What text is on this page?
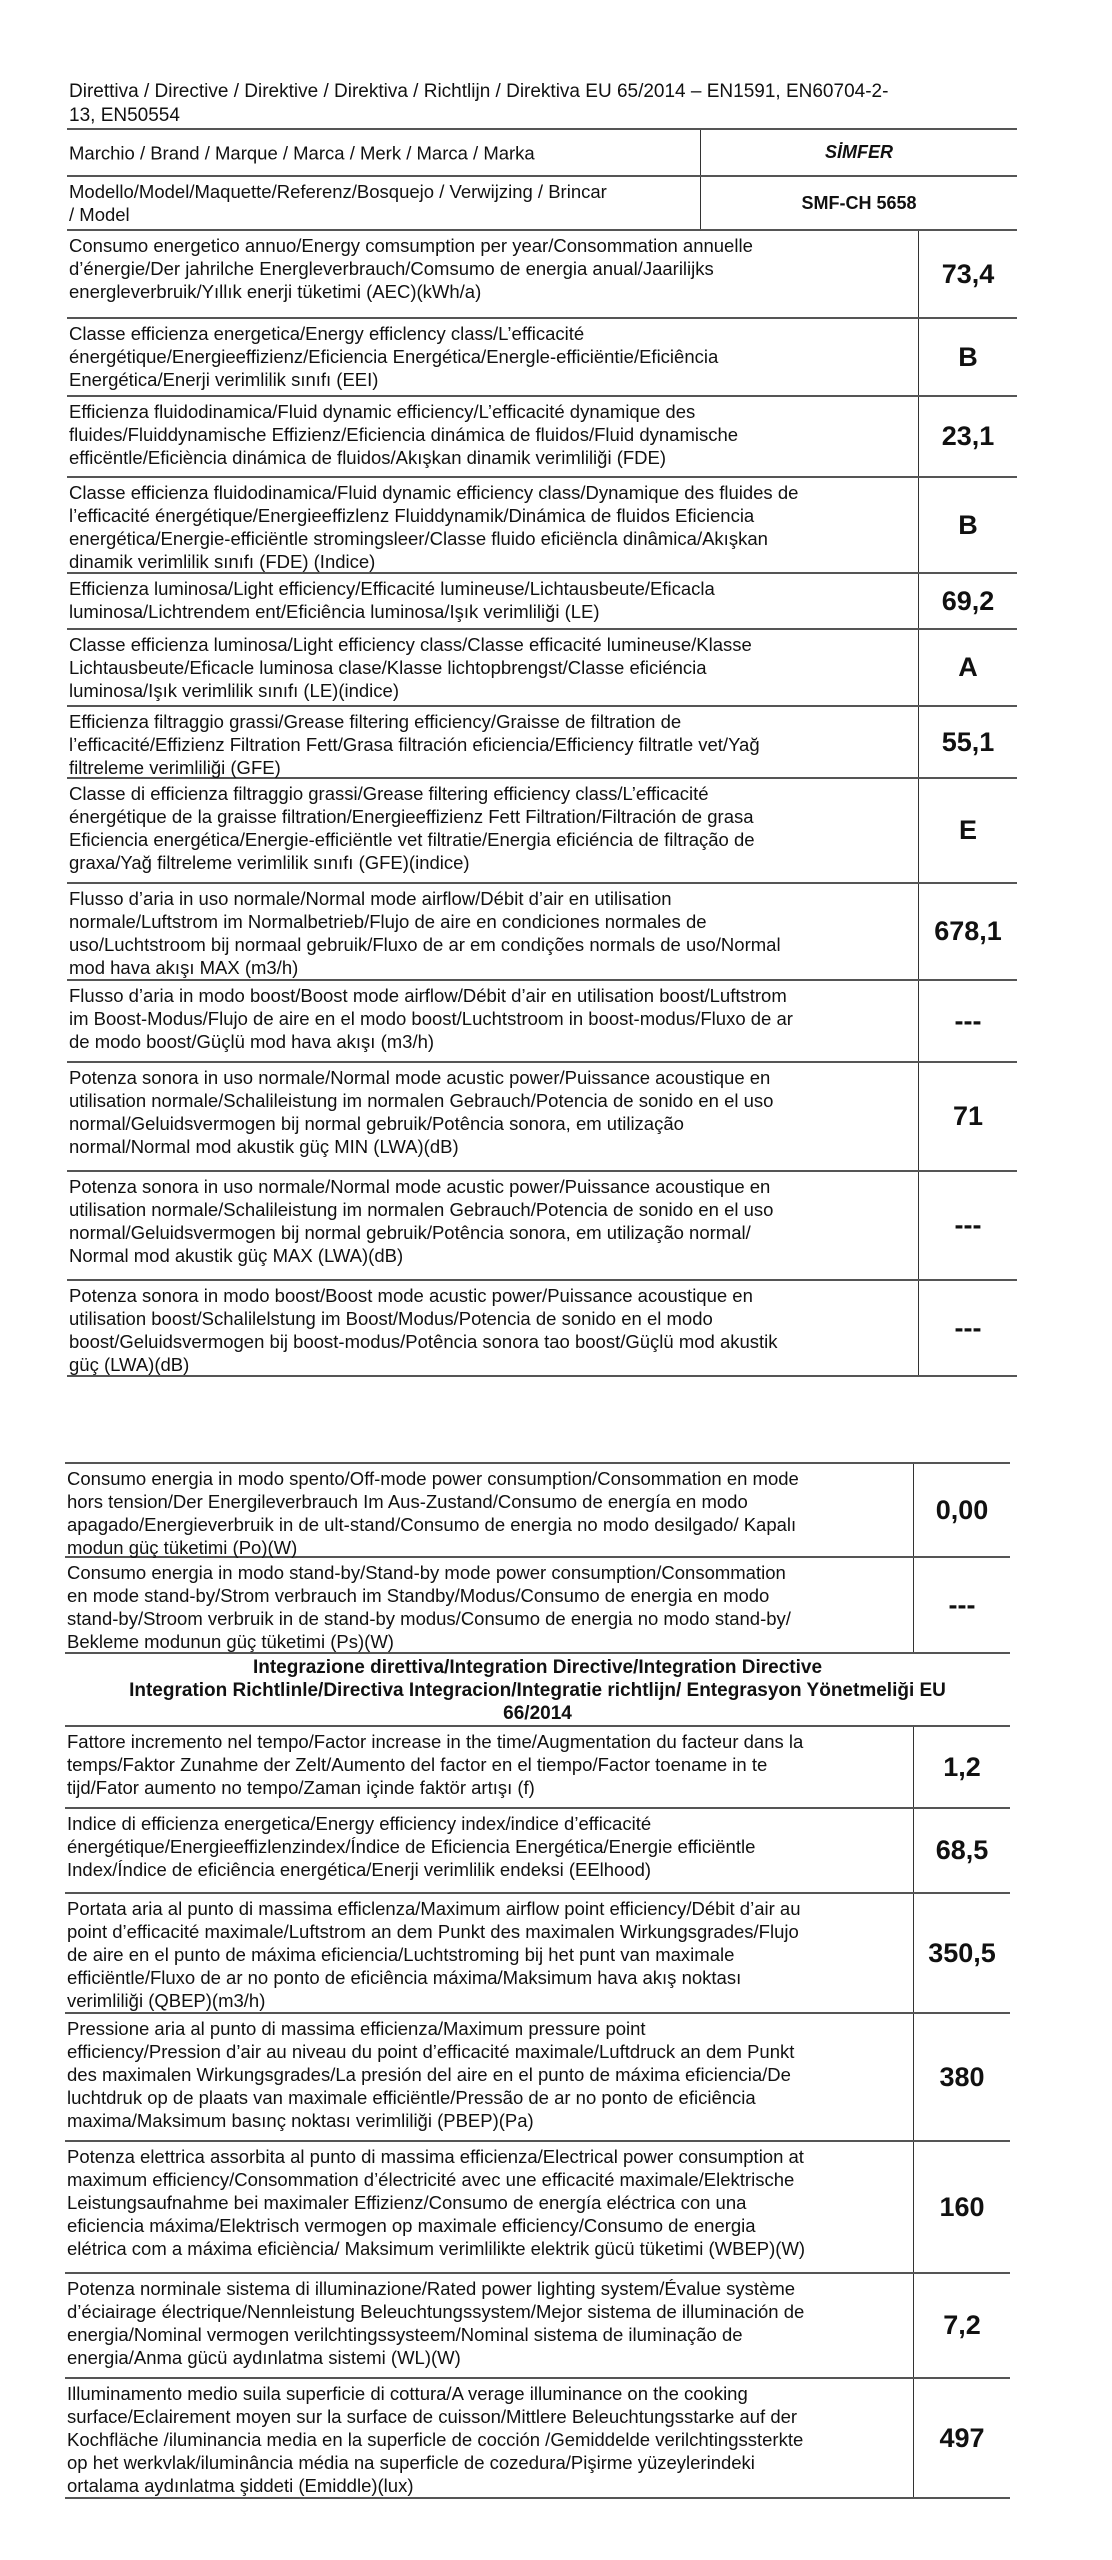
Direttiva / Directive / Direktive / Direktiva / Richtlijn / Direktiva EU 65/2014 – EN1591, EN60704-2-
13, EN50554
Marchio / Brand / Marque / Marca / Merk / Marca / Marka	SİMFER
Modello/Model/Maquette/Referenz/Bosquejo / Verwijzing / Brincar
/ Model
SMF-CH 5658
Consumo energetico annuo/Energy comsumption per year/Consommation annuelle
d’énergie/Der jahrilche Energleverbrauch/Comsumo de energia anual/Jaarilijks
energleverbruik/Yıllık enerji tüketimi (AEC)(kWh/a)
73,4
Classe efficienza energetica/Energy efficlency class/L’efficacité
énergétique/Energieeffizienz/Eficiencia Energética/Energle-efficiëntie/Eficiência
Energética/Enerji verimlilik sınıfı (EEI)
B
Efficienza fluidodinamica/Fluid dynamic efficiency/L’efficacité dynamique des
fluides/Fluiddynamische Effizienz/Eficiencia dinámica de fluidos/Fluid dynamische
efficëntle/Eficiència dinámica de fluidos/Akışkan dinamik verimliliği (FDE)
23,1
Classe efficienza fluidodinamica/Fluid dynamic efficiency class/Dynamique des fluides de
l’efficacité énergétique/Energieeffizlenz Fluiddynamik/Dinámica de fluidos Eficiencia
energética/Energie-efficiëntle stromingsleer/Classe fluido eficiëncla dinâmica/Akışkan
dinamik verimlilik sınıfı (FDE) (Indice)
B
Efficienza luminosa/Light efficiency/Efficacité lumineuse/Lichtausbeute/Eficacla
luminosa/Lichtrendem ent/Eficiência luminosa/Işık verimliliği (LE)	69,2
Classe efficienza luminosa/Light efficiency class/Classe efficacité lumineuse/Klasse
Lichtausbeute/Eficacle luminosa clase/Klasse lichtopbrengst/Classe eficiéncia
luminosa/Işık verimlilik sınıfı (LE)(indice)
A
Efficienza filtraggio grassi/Grease filtering efficiency/Graisse de filtration de
l’efficacité/Effizienz Filtration Fett/Grasa filtración eficiencia/Efficiency filtratle vet/Yağ
filtreleme verimliliği (GFE)
55,1
Classe di efficienza filtraggio grassi/Grease filtering efficiency class/L’efficacité
énergétique de la graisse filtration/Energieeffizienz Fett Filtration/Filtración de grasa
Eficiencia energética/Energie-efficiëntle vet filtratie/Energia eficiéncia de filtração de
graxa/Yağ filtreleme verimlilik sınıfı (GFE)(indice)
E
Flusso d’aria in uso normale/Normal mode airflow/Débit d’air en utilisation
normale/Luftstrom im Normalbetrieb/Flujo de aire en condiciones normales de
uso/Luchtstroom bij normaal gebruik/Fluxo de ar em condições normals de uso/Normal
mod hava akışı MAX (m3/h)
678,1
Flusso d’aria in modo boost/Boost mode airflow/Débit d’air en utilisation boost/Luftstrom
im Boost-Modus/Flujo de aire en el modo boost/Luchtstroom in boost-modus/Fluxo de ar
de modo boost/Güçlü mod hava akışı (m3/h)
---
Potenza sonora in uso normale/Normal mode acustic power/Puissance acoustique en
utilisation normale/Schalileistung im normalen Gebrauch/Potencia de sonido en el uso
normal/Geluidsvermogen bij normal gebruik/Potência sonora, em utilização
normal/Normal mod akustik güç MIN (LWA)(dB)
71
Potenza sonora in uso normale/Normal mode acustic power/Puissance acoustique en
utilisation normale/Schalileistung im normalen Gebrauch/Potencia de sonido en el uso
normal/Geluidsvermogen bij normal gebruik/Potência sonora, em utilização normal/
Normal mod akustik güç MAX (LWA)(dB)
---
Potenza sonora in modo boost/Boost mode acustic power/Puissance acoustique en
utilisation boost/Schalilelstung im Boost/Modus/Potencia de sonido en el modo
boost/Geluidsvermogen bij boost-modus/Potência sonora tao boost/Güçlü mod akustik
güç (LWA)(dB)
---
Consumo energia in modo spento/Off-mode power consumption/Consommation en mode
hors tension/Der Energileverbrauch Im Aus-Zustand/Consumo de energía en modo
apagado/Energieverbruik in de ult-stand/Consumo de energia no modo desilgado/ Kapalı
modun güç tüketimi (Po)(W)
0,00
Consumo energia in modo stand-by/Stand-by mode power consumption/Consommation
en mode stand-by/Strom verbrauch im Standby/Modus/Consumo de energia en modo
stand-by/Stroom verbruik in de stand-by modus/Consumo de energia no modo stand-by/
Bekleme modunun güç tüketimi (Ps)(W)
---
Integrazione direttiva/Integration Directive/Integration Directive
Integration Richtlinle/Directiva Integracion/Integratie richtlijn/ Entegrasyon Yönetmeliği EU
66/2014
Fattore incremento nel tempo/Factor increase in the time/Augmentation du facteur dans la
temps/Faktor Zunahme der Zelt/Aumento del factor en el tiempo/Factor toename in te
tijd/Fator aumento no tempo/Zaman içinde faktör artışı (f)
1,2
Indice di efficienza energetica/Energy efficiency index/indice d’efficacité
énergétique/Energieeffizlenzindex/Índice de Eficiencia Energética/Energie efficiëntle
Index/Índice de eficiência energética/Enerji verimlilik endeksi (EElhood)
68,5
Portata aria al punto di massima efficlenza/Maximum airflow point efficiency/Débit d’air au
point d’efficacité maximale/Luftstrom an dem Punkt des maximalen Wirkungsgrades/Flujo
de aire en el punto de máxima eficiencia/Luchtstroming bij het punt van maximale
efficiëntle/Fluxo de ar no ponto de eficiência máxima/Maksimum hava akış noktası
verimliliği (QBEP)(m3/h)
350,5
Pressione aria al punto di massima efficienza/Maximum pressure point
efficiency/Pression d’air au niveau du point d’efficacité maximale/Luftdruck an dem Punkt
des maximalen Wirkungsgrades/La presión del aire en el punto de máxima eficiencia/De
luchtdruk op de plaats van maximale efficiëntle/Pressão de ar no ponto de eficiência
maxima/Maksimum basınç noktası verimliliği (PBEP)(Pa)
380
Potenza elettrica assorbita al punto di massima efficienza/Electrical power consumption at
maximum efficiency/Consommation d’électricité avec une efficacité maximale/Elektrische
Leistungsaufnahme bei maximaler Effizienz/Consumo de energía eléctrica con una
eficiencia máxima/Elektrisch vermogen op maximale efficiency/Consumo de energia
elétrica com a máxima eficiència/ Maksimum verimlilikte elektrik gücü tüketimi (WBEP)(W)
160
Potenza norminale sistema di illuminazione/Rated power lighting system/Évalue système
d’éciairage électrique/Nennleistung Beleuchtungssystem/Mejor sistema de illuminación de
energia/Nominal vermogen verilchtingssysteem/Nominal sistema de iluminação de
energia/Anma gücü aydınlatma sistemi (WL)(W)
7,2
Illuminamento medio suila superficie di cottura/A verage illuminance on the cooking
surface/Eclairement moyen sur la surface de cuisson/Mittlere Beleuchtungsstarke auf der
Kochfläche /iluminancia media en la superficle de cocción /Gemiddelde verilchtingssterkte
op het werkvlak/iluminância média na superficle de cozedura/Pişirme yüzeylerindeki
ortalama aydınlatma şiddeti (Emiddle)(lux)
497
